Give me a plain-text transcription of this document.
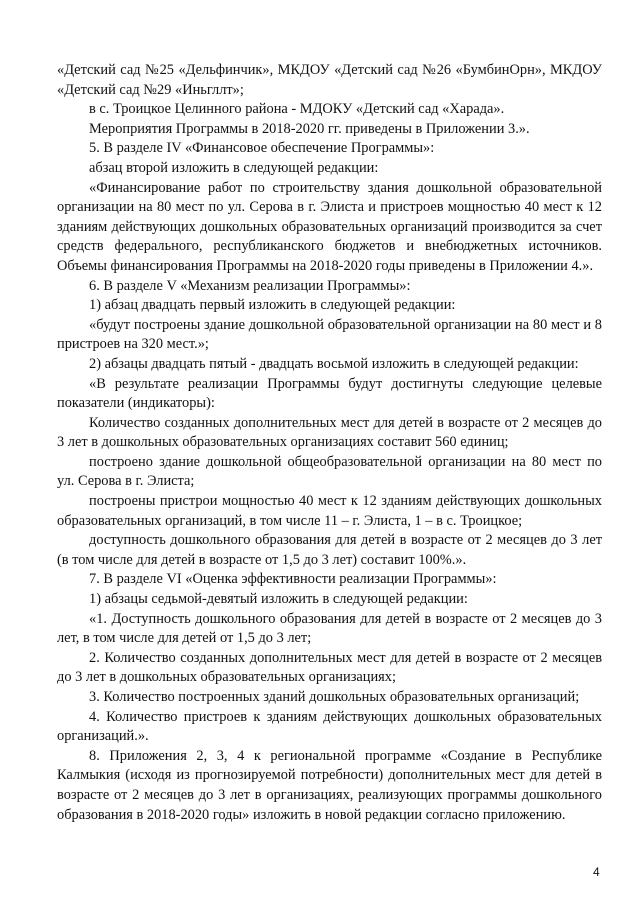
«Детский сад №25 «Дельфинчик», МКДОУ «Детский сад №26 «БумбинОрн», МКДОУ «Детский сад №29 «Иньгллт»;

в с. Троицкое Целинного района - МДОКУ «Детский сад «Харада».

Мероприятия Программы в 2018-2020 гг. приведены в Приложении 3.».

5. В разделе IV «Финансовое обеспечение Программы»:

абзац второй изложить в следующей редакции:

«Финансирование работ по строительству здания дошкольной образовательной организации на 80 мест по ул. Серова в г. Элиста и пристроев мощностью 40 мест к 12 зданиям действующих дошкольных образовательных организаций производится за счет средств федерального, республиканского бюджетов и внебюджетных источников. Объемы финансирования Программы на 2018-2020 годы приведены в Приложении 4.».

6. В разделе V «Механизм реализации Программы»:

1) абзац двадцать первый изложить в следующей редакции:

«будут построены здание дошкольной образовательной организации на 80 мест и 8 пристроев на 320 мест.»;

2) абзацы двадцать пятый - двадцать восьмой изложить в следующей редакции:

«В результате реализации Программы будут достигнуты следующие целевые показатели (индикаторы):

Количество созданных дополнительных мест для детей в возрасте от 2 месяцев до 3 лет в дошкольных образовательных организациях составит 560 единиц;

построено здание дошкольной общеобразовательной организации на 80 мест по ул. Серова в г. Элиста;

построены пристрои мощностью 40 мест к 12 зданиям действующих дошкольных образовательных организаций, в том числе 11 – г. Элиста, 1 – в с. Троицкое;

доступность дошкольного образования для детей в возрасте от 2 месяцев до 3 лет (в том числе для детей в возрасте от 1,5 до 3 лет) составит 100%.».

7. В разделе VI «Оценка эффективности реализации Программы»:

1) абзацы седьмой-девятый изложить в следующей редакции:

«1. Доступность дошкольного образования для детей в возрасте от 2 месяцев до 3 лет, в том числе для детей от 1,5 до 3 лет;

2. Количество созданных дополнительных мест для детей в возрасте от 2 месяцев до 3 лет в дошкольных образовательных организациях;

3. Количество построенных зданий дошкольных образовательных организаций;

4. Количество пристроев к зданиям действующих дошкольных образовательных организаций.».

8. Приложения 2, 3, 4 к региональной программе «Создание в Республике Калмыкия (исходя из прогнозируемой потребности) дополнительных мест для детей в возрасте от 2 месяцев до 3 лет в организациях, реализующих программы дошкольного образования в 2018-2020 годы» изложить в новой редакции согласно приложению.

4
